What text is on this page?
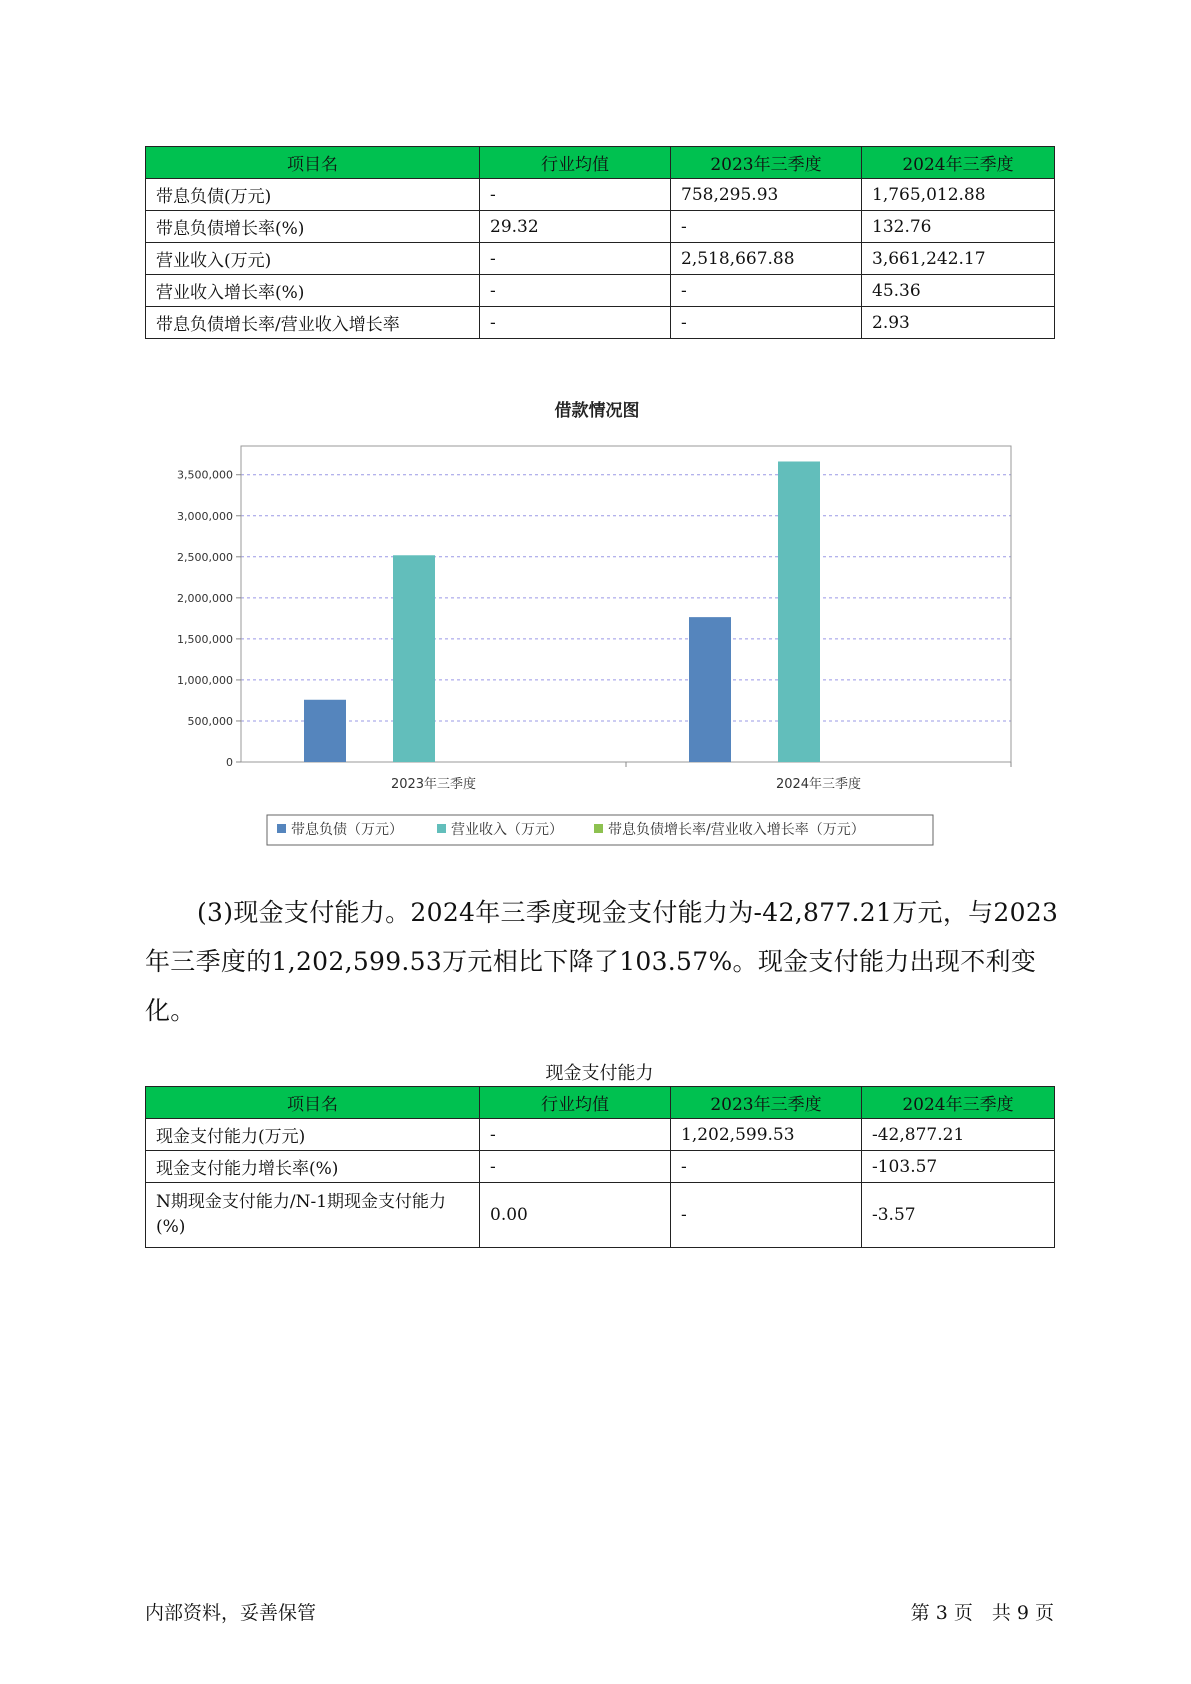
项目名	行业均值	2023年三季度	2024年三季度
带息负债(万元)	-	758,295.93	1,765,012.88
带息负债增长率(%)	29.32	-	132.76
营业收入(万元)	-	2,518,667.88	3,661,242.17
营业收入增长率(%)	-	-	45.36
带息负债增长率/营业收入增长率	-	-	2.93
借款情况图
0
500,000
1,000,000
1,500,000
2,000,000
2,500,000
3,000,000
3,500,000
2023年三季度	2024年三季度
带息负债（万元）	营业收入（万元）	带息负债增长率/营业收入增长率（万元）
(3)现金支付能力。2024年三季度现金支付能力为-42,877.21万元，与2023年三季度的1,202,599.53万元相比下降了103.57%。现金支付能力出现不利变化。
现金支付能力
项目名	行业均值	2023年三季度	2024年三季度
现金支付能力(万元)	-	1,202,599.53	-42,877.21
现金支付能力增长率(%)	-	-	-103.57
N期现金支付能力/N-1期现金支付能力(%)	0.00	-	-3.57
内部资料，妥善保管	第 3 页　共 9 页
